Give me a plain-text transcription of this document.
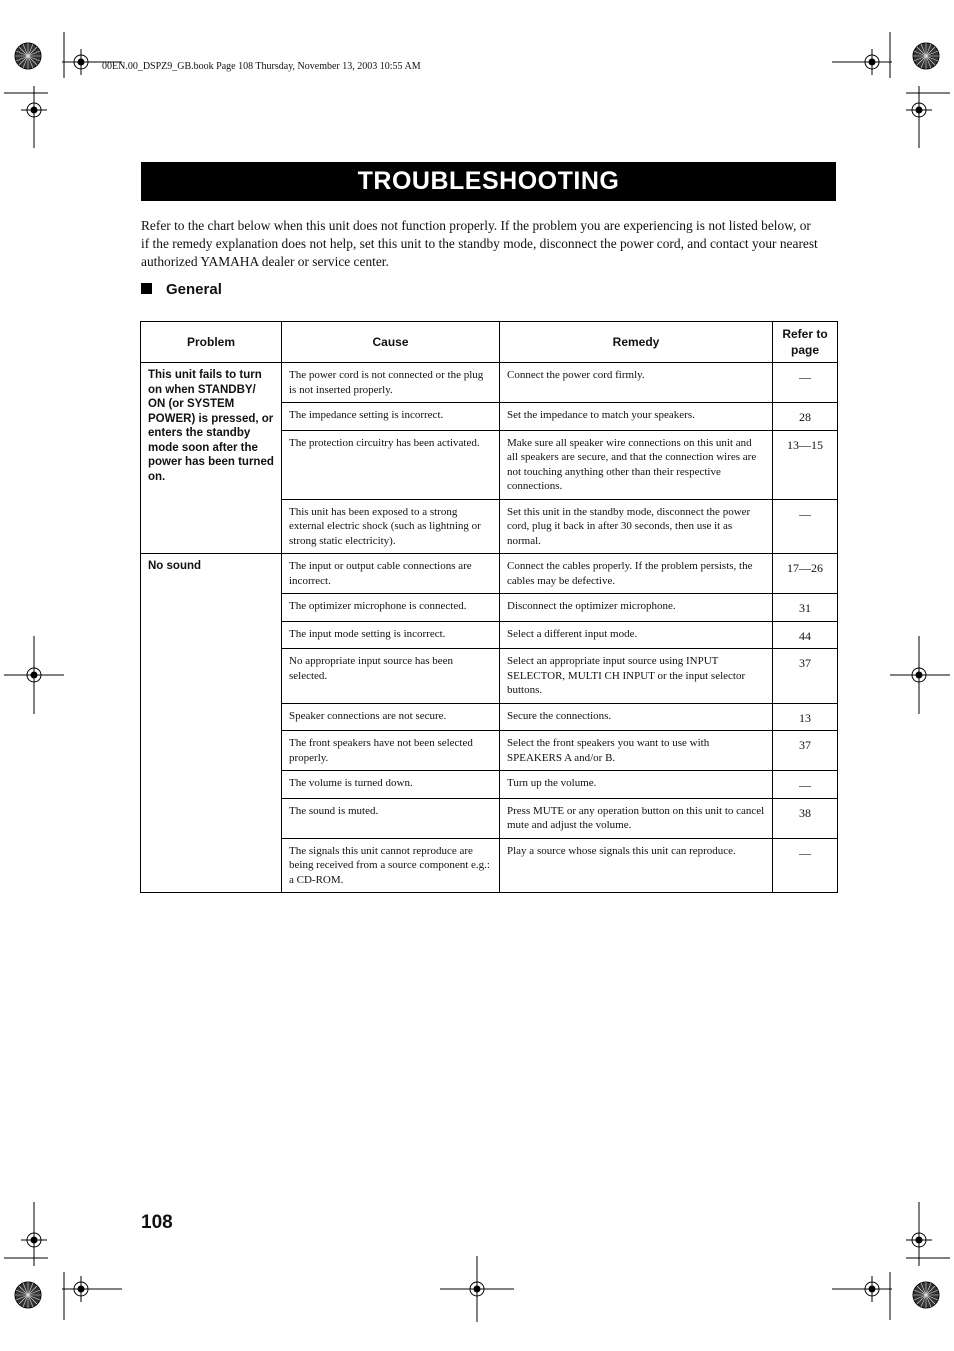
00EN.00_DSPZ9_GB.book Page 108 Thursday, November 13, 2003 10:55 AM
TROUBLESHOOTING

Refer to the chart below when this unit does not function properly. If the problem you are experiencing is not listed below, or if the remedy explanation does not help, set this unit to the standby mode, disconnect the power cord, and contact your nearest authorized YAMAHA dealer or service center.

General
Problem	Cause	Remedy	Refer to page
This unit fails to turn on when STANDBY/ ON (or SYSTEM POWER) is pressed, or enters the standby mode soon after the power has been turned on.	The power cord is not connected or the plug is not inserted properly.	Connect the power cord firmly.	—
	The impedance setting is incorrect.	Set the impedance to match your speakers.	28
	The protection circuitry has been activated.	Make sure all speaker wire connections on this unit and all speakers are secure, and that the connection wires are not touching anything other than their respective connections.	13—15
	This unit has been exposed to a strong external electric shock (such as lightning or strong static electricity).	Set this unit in the standby mode, disconnect the power cord, plug it back in after 30 seconds, then use it as normal.	—
No sound	The input or output cable connections are incorrect.	Connect the cables properly. If the problem persists, the cables may be defective.	17—26
	The optimizer microphone is connected.	Disconnect the optimizer microphone.	31
	The input mode setting is incorrect.	Select a different input mode.	44
	No appropriate input source has been selected.	Select an appropriate input source using INPUT SELECTOR, MULTI CH INPUT or the input selector buttons.	37
	Speaker connections are not secure.	Secure the connections.	13
	The front speakers have not been selected properly.	Select the front speakers you want to use with SPEAKERS A and/or B.	37
	The volume is turned down.	Turn up the volume.	—
	The sound is muted.	Press MUTE or any operation button on this unit to cancel mute and adjust the volume.	38
	The signals this unit cannot reproduce are being received from a source component e.g.: a CD-ROM.	Play a source whose signals this unit can reproduce.	—
108
